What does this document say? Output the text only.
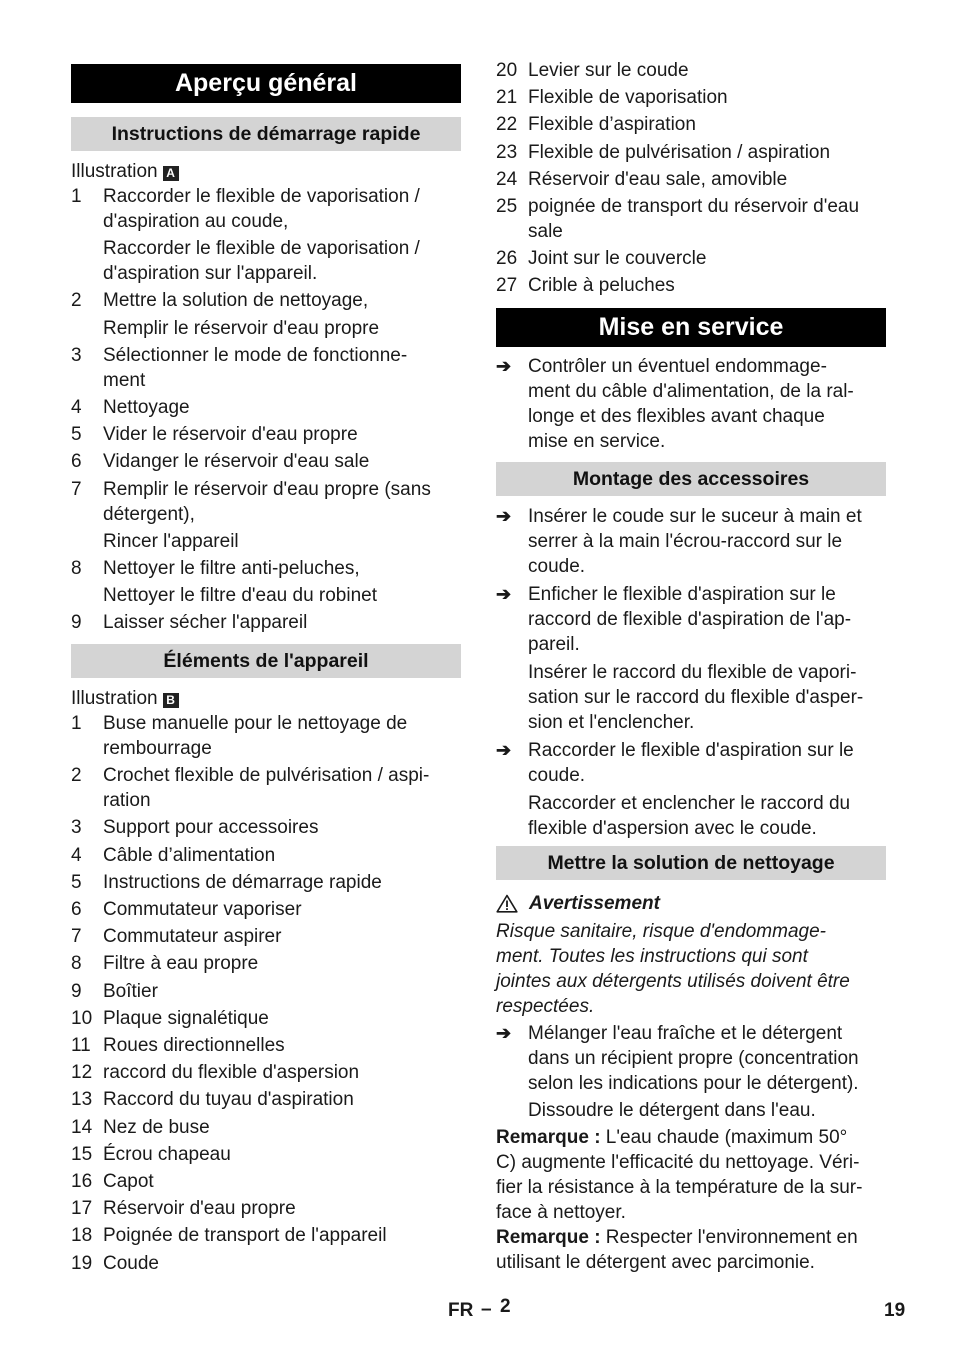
Aperçu général
Instructions de démarrage rapide
Illustration A
1 Raccorder le flexible de vaporisation /
d'aspiration au coude,
Raccorder le flexible de vaporisation /
d'aspiration sur l'appareil.
2 Mettre la solution de nettoyage,
Remplir le réservoir d'eau propre
3 Sélectionner le mode de fonctionne-
ment
4 Nettoyage
5 Vider le réservoir d'eau propre
6 Vidanger le réservoir d'eau sale
7 Remplir le réservoir d'eau propre (sans
détergent),
Rincer l'appareil
8 Nettoyer le filtre anti-peluches,
Nettoyer le filtre d'eau du robinet
9 Laisser sécher l'appareil
Éléments de l'appareil
Illustration B
1 Buse manuelle pour le nettoyage de
rembourrage
2 Crochet flexible de pulvérisation / aspi-
ration
3 Support pour accessoires
4 Câble d’alimentation
5 Instructions de démarrage rapide
6 Commutateur vaporiser
7 Commutateur aspirer
8 Filtre à eau propre
9 Boîtier
10 Plaque signalétique
11 Roues directionnelles
12 raccord du flexible d'aspersion
13 Raccord du tuyau d'aspiration
14 Nez de buse
15 Écrou chapeau
16 Capot
17 Réservoir d'eau propre
18 Poignée de transport de l'appareil
19 Coude
20 Levier sur le coude
21 Flexible de vaporisation
22 Flexible d’aspiration
23 Flexible de pulvérisation / aspiration
24 Réservoir d'eau sale, amovible
25 poignée de transport du réservoir d'eau
sale
26 Joint sur le couvercle
27 Crible à peluches
Mise en service
➔ Contrôler un éventuel endommage-
ment du câble d'alimentation, de la ral-
longe et des flexibles avant chaque
mise en service.
Montage des accessoires
➔ Insérer le coude sur le suceur à main et
serrer à la main l'écrou-raccord sur le
coude.
➔ Enficher le flexible d'aspiration sur le
raccord de flexible d'aspiration de l'ap-
pareil.
Insérer le raccord du flexible de vapori-
sation sur le raccord du flexible d'asper-
sion et l'enclencher.
➔ Raccorder le flexible d'aspiration sur le
coude.
Raccorder et enclencher le raccord du
flexible d'aspersion avec le coude.
Mettre la solution de nettoyage
Avertissement
Risque sanitaire, risque d'endommage-
ment. Toutes les instructions qui sont
jointes aux détergents utilisés doivent être
respectées.
➔ Mélanger l'eau fraîche et le détergent
dans un récipient propre (concentration
selon les indications pour le détergent).
Dissoudre le détergent dans l'eau.
Remarque : L'eau chaude (maximum 50°
C) augmente l'efficacité du nettoyage. Véri-
fier la résistance à la température de la sur-
face à nettoyer.
Remarque : Respecter l'environnement en
utilisant le détergent avec parcimonie.
FR – 2	19
